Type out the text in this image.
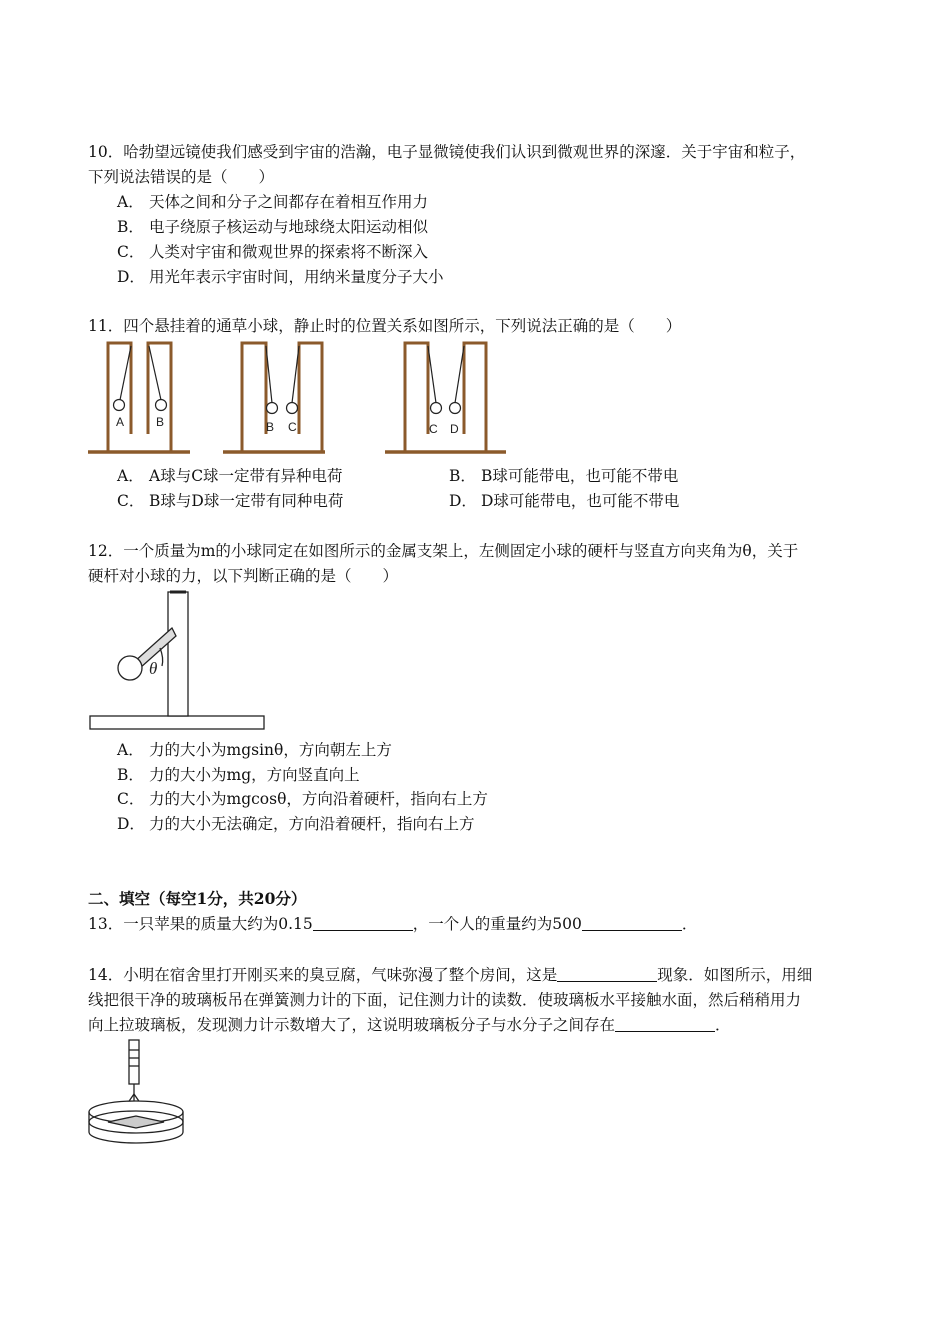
10．哈勃望远镜使我们感受到宇宙的浩瀚，电子显微镜使我们认识到微观世界的深邃．关于宇宙和粒子，
下列说法错误的是（　　）
A． 天体之间和分子之间都存在着相互作用力
B． 电子绕原子核运动与地球绕太阳运动相似
C． 人类对宇宙和微观世界的探索将不断深入
D． 用光年表示宇宙时间，用纳米量度分子大小
11．四个悬挂着的通草小球，静止时的位置关系如图所示，下列说法正确的是（　　）
A	B	B C	C D
A． A球与C球一定带有异种电荷	B． B球可能带电，也可能不带电
C． B球与D球一定带有同种电荷	D． D球可能带电，也可能不带电
12．一个质量为m的小球同定在如图所示的金属支架上，左侧固定小球的硬杆与竖直方向夹角为θ，关于
硬杆对小球的力，以下判断正确的是（　　）
θ
A． 力的大小为mgsinθ，方向朝左上方
B． 力的大小为mg，方向竖直向上
C． 力的大小为mgcosθ，方向沿着硬杆，指向右上方
D． 力的大小无法确定，方向沿着硬杆，指向右上方
二、填空（每空1分，共20分）
13．一只苹果的质量大约为0.15	，一个人的重量约为500	．
14．小明在宿舍里打开刚买来的臭豆腐，气味弥漫了整个房间，这是	现象．如图所示，用细
线把很干净的玻璃板吊在弹簧测力计的下面，记住测力计的读数．使玻璃板水平接触水面，然后稍稍用力
向上拉玻璃板，发现测力计示数增大了，这说明玻璃板分子与水分子之间存在	．
